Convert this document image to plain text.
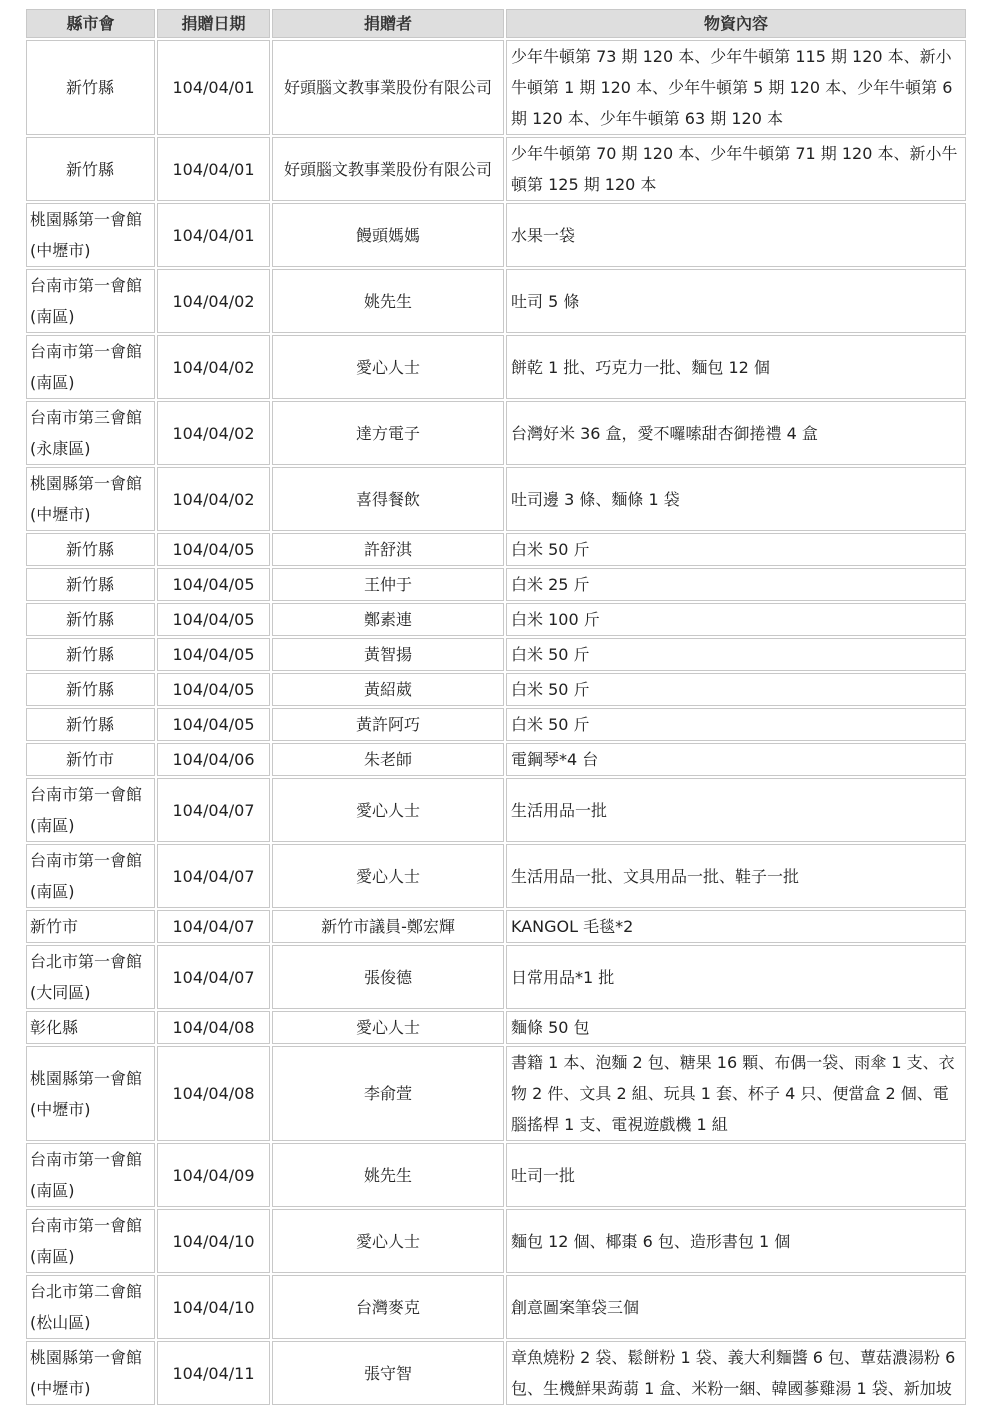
縣市會	捐贈日期	捐贈者	物資內容
新竹縣	104/04/01	好頭腦文教事業股份有限公司	少年牛頓第 73 期 120 本、少年牛頓第 115 期 120 本、新小牛頓第 1 期 120 本、少年牛頓第 5 期 120 本、少年牛頓第 6 期 120 本、少年牛頓第 63 期 120 本
新竹縣	104/04/01	好頭腦文教事業股份有限公司	少年牛頓第 70 期 120 本、少年牛頓第 71 期 120 本、新小牛頓第 125 期 120 本
桃園縣第一會館(中壢市)	104/04/01	饅頭媽媽	水果一袋
台南市第一會館(南區)	104/04/02	姚先生	吐司 5 條
台南市第一會館(南區)	104/04/02	愛心人士	餅乾 1 批、巧克力一批、麵包 12 個
台南市第三會館(永康區)	104/04/02	達方電子	台灣好米 36 盒，愛不囉嗦甜杏御捲禮 4 盒
桃園縣第一會館(中壢市)	104/04/02	喜得餐飲	吐司邊 3 條、麵條 1 袋
新竹縣	104/04/05	許舒淇	白米 50 斤
新竹縣	104/04/05	王仲于	白米 25 斤
新竹縣	104/04/05	鄭素連	白米 100 斤
新竹縣	104/04/05	黃智揚	白米 50 斤
新竹縣	104/04/05	黃紹葳	白米 50 斤
新竹縣	104/04/05	黃許阿巧	白米 50 斤
新竹市	104/04/06	朱老師	電鋼琴*4 台
台南市第一會館(南區)	104/04/07	愛心人士	生活用品一批
台南市第一會館(南區)	104/04/07	愛心人士	生活用品一批、文具用品一批、鞋子一批
新竹市	104/04/07	新竹市議員-鄭宏輝	KANGOL 毛毯*2
台北市第一會館(大同區)	104/04/07	張俊德	日常用品*1 批
彰化縣	104/04/08	愛心人士	麵條 50 包
桃園縣第一會館(中壢市)	104/04/08	李俞萱	書籍 1 本、泡麵 2 包、糖果 16 顆、布偶一袋、雨傘 1 支、衣物 2 件、文具 2 組、玩具 1 套、杯子 4 只、便當盒 2 個、電腦搖桿 1 支、電視遊戲機 1 組
台南市第一會館(南區)	104/04/09	姚先生	吐司一批
台南市第一會館(南區)	104/04/10	愛心人士	麵包 12 個、椰棗 6 包、造形書包 1 個
台北市第二會館(松山區)	104/04/10	台灣麥克	創意圖案筆袋三個
桃園縣第一會館(中壢市)	104/04/11	張守智	章魚燒粉 2 袋、鬆餅粉 1 袋、義大利麵醬 6 包、蕈菇濃湯粉 6 包、生機鮮果蒟蒻 1 盒、米粉一綑、韓國蔘雞湯 1 袋、新加坡
